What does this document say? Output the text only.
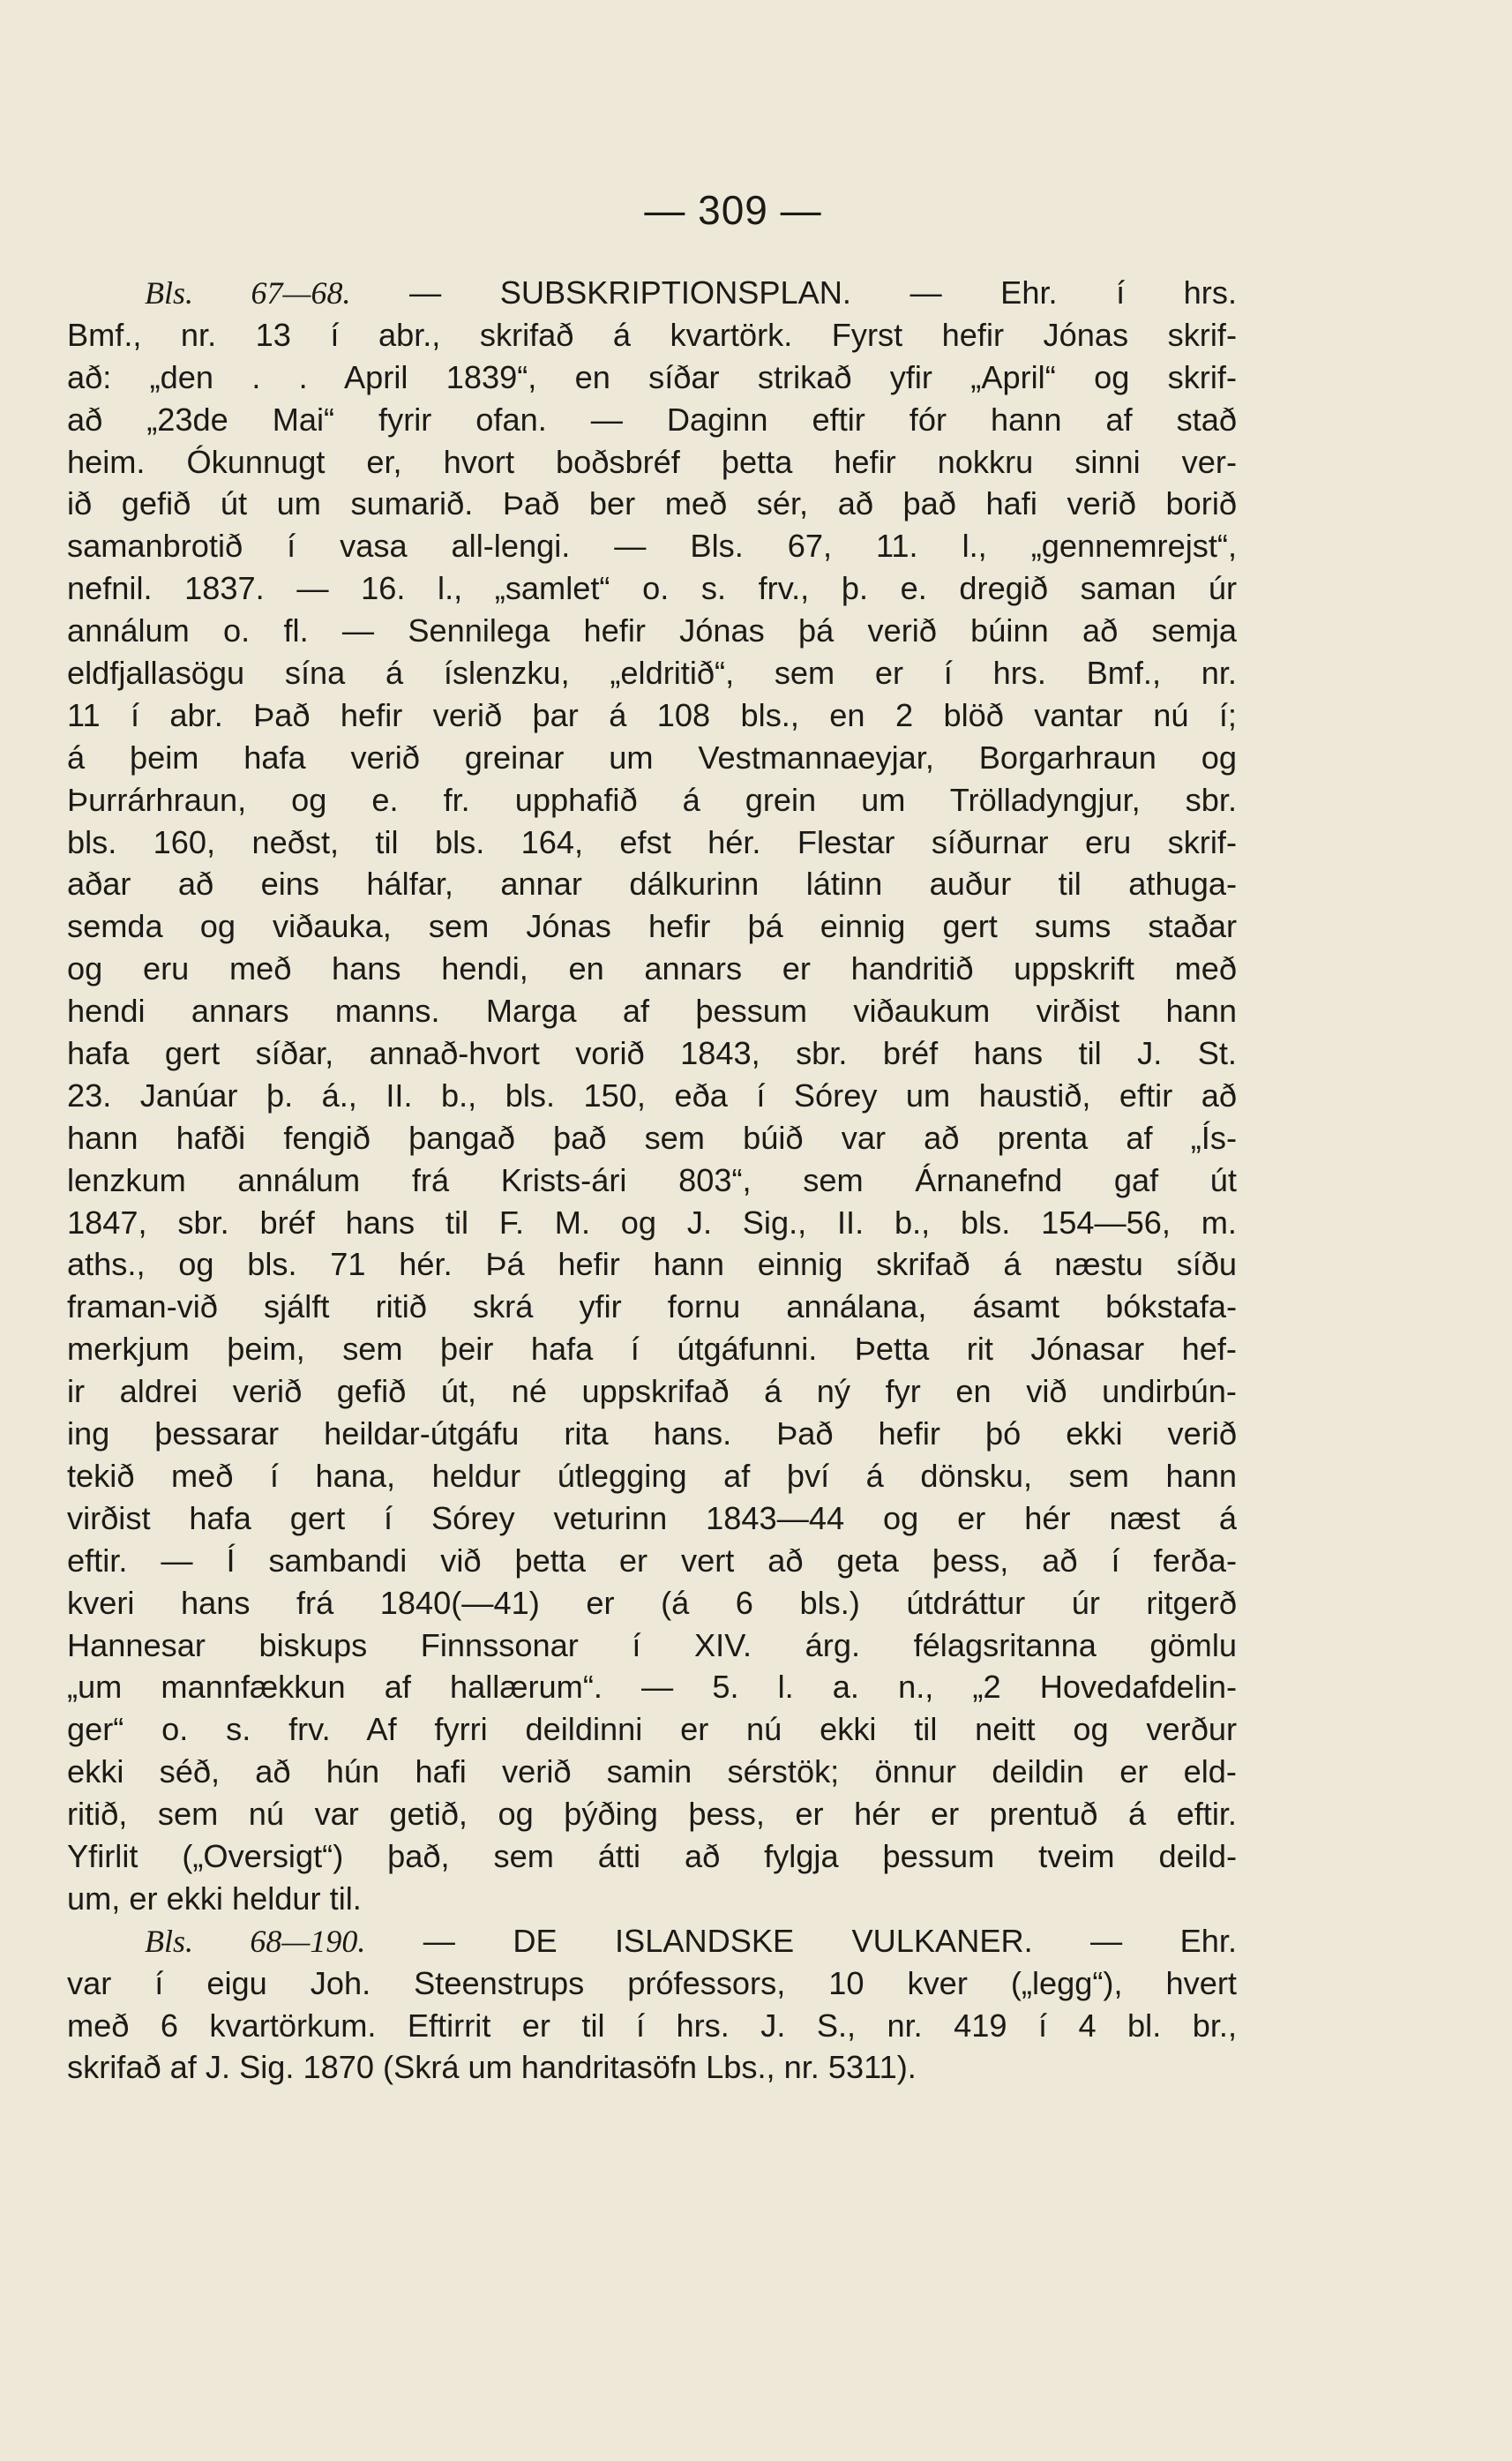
— 309 —
Bls. 67—68. — SUBSKRIPTIONSPLAN. — Ehr. í hrs.
Bmf., nr. 13 í abr., skrifað á kvartörk. Fyrst hefir Jónas skrif-
að: „den . . April 1839“, en síðar strikað yfir „April“ og skrif-
að „23de Mai“ fyrir ofan. — Daginn eftir fór hann af stað
heim. Ókunnugt er, hvort boðsbréf þetta hefir nokkru sinni ver-
ið gefið út um sumarið. Það ber með sér, að það hafi verið borið
samanbrotið í vasa all-lengi. — Bls. 67, 11. l., „gennemrejst“,
nefnil. 1837. — 16. l., „samlet“ o. s. frv., þ. e. dregið saman úr
annálum o. fl. — Sennilega hefir Jónas þá verið búinn að semja
eldfjallasögu sína á íslenzku, „eldritið“, sem er í hrs. Bmf., nr.
11 í abr. Það hefir verið þar á 108 bls., en 2 blöð vantar nú í;
á þeim hafa verið greinar um Vestmannaeyjar, Borgarhraun og
Þurrárhraun, og e. fr. upphafið á grein um Trölladyngjur, sbr.
bls. 160, neðst, til bls. 164, efst hér. Flestar síðurnar eru skrif-
aðar að eins hálfar, annar dálkurinn látinn auður til athuga-
semda og viðauka, sem Jónas hefir þá einnig gert sums staðar
og eru með hans hendi, en annars er handritið uppskrift með
hendi annars manns. Marga af þessum viðaukum virðist hann
hafa gert síðar, annað-hvort vorið 1843, sbr. bréf hans til J. St.
23. Janúar þ. á., II. b., bls. 150, eða í Sórey um haustið, eftir að
hann hafði fengið þangað það sem búið var að prenta af „Ís-
lenzkum annálum frá Krists-ári 803“, sem Árnanefnd gaf út
1847, sbr. bréf hans til F. M. og J. Sig., II. b., bls. 154—56, m.
aths., og bls. 71 hér. Þá hefir hann einnig skrifað á næstu síðu
framan-við sjálft ritið skrá yfir fornu annálana, ásamt bókstafa-
merkjum þeim, sem þeir hafa í útgáfunni. Þetta rit Jónasar hef-
ir aldrei verið gefið út, né uppskrifað á ný fyr en við undirbún-
ing þessarar heildar-útgáfu rita hans. Það hefir þó ekki verið
tekið með í hana, heldur útlegging af því á dönsku, sem hann
virðist hafa gert í Sórey veturinn 1843—44 og er hér næst á
eftir. — Í sambandi við þetta er vert að geta þess, að í ferða-
kveri hans frá 1840(—41) er (á 6 bls.) útdráttur úr ritgerð
Hannesar biskups Finnssonar í XIV. árg. félagsritanna gömlu
„um mannfækkun af hallærum“. — 5. l. a. n., „2 Hovedafdelin-
ger“ o. s. frv. Af fyrri deildinni er nú ekki til neitt og verður
ekki séð, að hún hafi verið samin sérstök; önnur deildin er eld-
ritið, sem nú var getið, og þýðing þess, er hér er prentuð á eftir.
Yfirlit („Oversigt“) það, sem átti að fylgja þessum tveim deild-
um, er ekki heldur til.
Bls. 68—190. — DE ISLANDSKE VULKANER. — Ehr.
var í eigu Joh. Steenstrups prófessors, 10 kver („legg“), hvert
með 6 kvartörkum. Eftirrit er til í hrs. J. S., nr. 419 í 4 bl. br.,
skrifað af J. Sig. 1870 (Skrá um handritasöfn Lbs., nr. 5311).
